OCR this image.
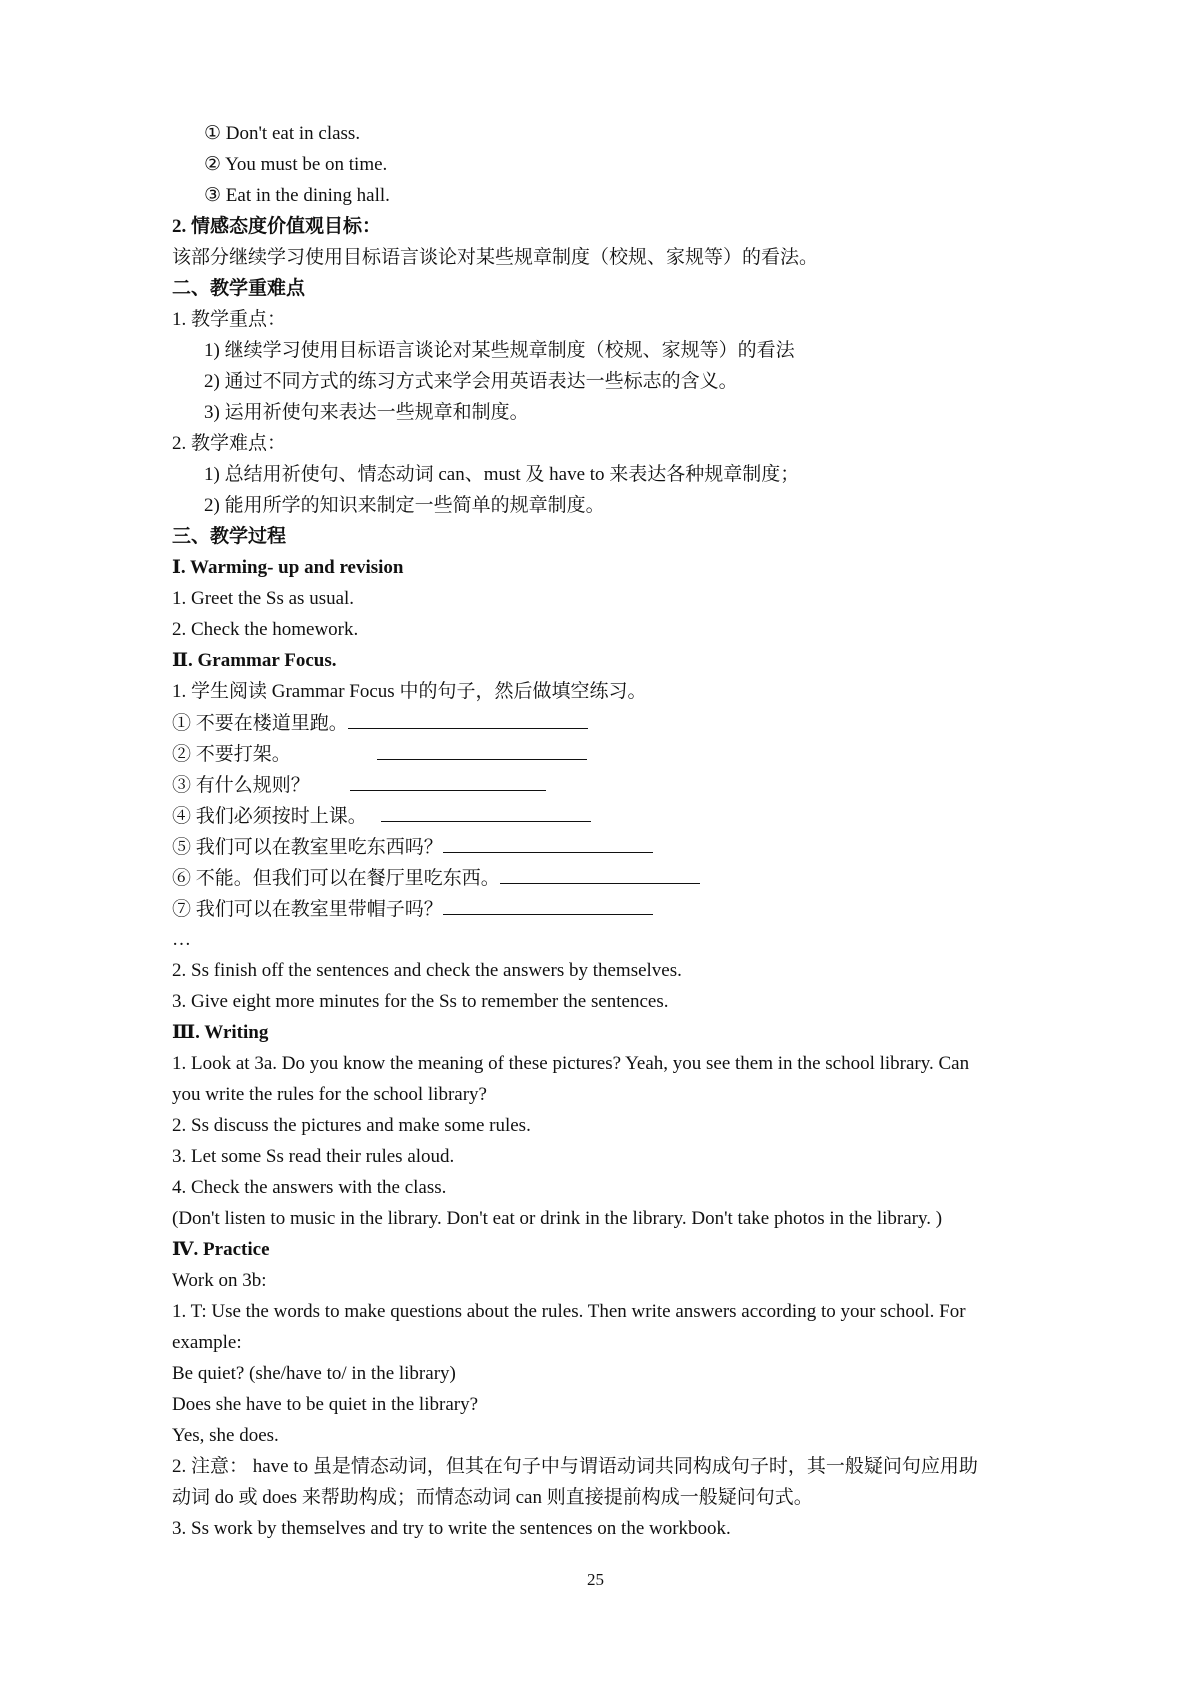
① Don't eat in class.
② You must be on time.
③ Eat in the dining hall.
2. 情感态度价值观目标：
该部分继续学习使用目标语言谈论对某些规章制度（校规、家规等）的看法。
二、教学重难点
1. 教学重点：
1) 继续学习使用目标语言谈论对某些规章制度（校规、家规等）的看法
2) 通过不同方式的练习方式来学会用英语表达一些标志的含义。
3) 运用祈使句来表达一些规章和制度。
2. 教学难点：
1) 总结用祈使句、情态动词 can、must 及 have to 来表达各种规章制度；
2) 能用所学的知识来制定一些简单的规章制度。
三、教学过程
Ⅰ. Warming- up and revision
1. Greet the Ss as usual.
2. Check the homework.
Ⅱ. Grammar Focus.
1. 学生阅读 Grammar Focus 中的句子，然后做填空练习。
① 不要在楼道里跑。
② 不要打架。
③ 有什么规则？
④ 我们必须按时上课。
⑤ 我们可以在教室里吃东西吗？
⑥ 不能。但我们可以在餐厅里吃东西。
⑦ 我们可以在教室里带帽子吗？
…
2. Ss finish off the sentences and check the answers by themselves.
3. Give eight more minutes for the Ss to remember the sentences.
Ⅲ. Writing
1. Look at 3a. Do you know the meaning of these pictures? Yeah, you see them in the school library. Can
you write the rules for the school library?
2. Ss discuss the pictures and make some rules.
3. Let some Ss read their rules aloud.
4. Check the answers with the class.
(Don't listen to music in the library. Don't eat or drink in the library. Don't take photos in the library. )
Ⅳ. Practice
Work on 3b:
1. T: Use the words to make questions about the rules. Then write answers according to your school. For
example:
Be quiet? (she/have to/ in the library)
Does she have to be quiet in the library?
Yes, she does.
2. 注意： have to 虽是情态动词，但其在句子中与谓语动词共同构成句子时，其一般疑问句应用助
动词 do 或 does 来帮助构成；而情态动词 can 则直接提前构成一般疑问句式。
3. Ss work by themselves and try to write the sentences on the workbook.
25
